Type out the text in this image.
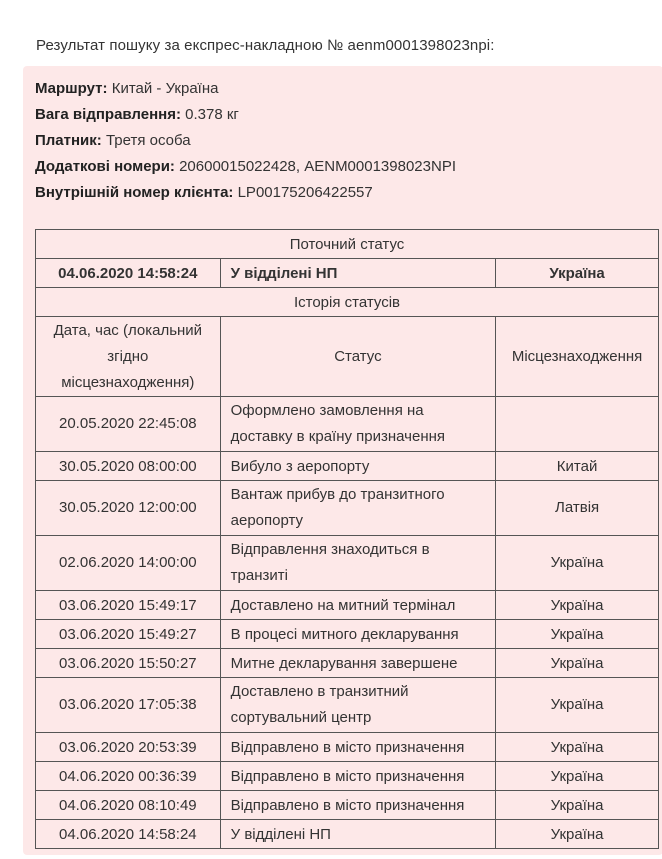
Результат пошуку за експрес-накладною № aenm0001398023npi:
Маршрут: Китай - Україна
Вага відправлення: 0.378 кг
Платник: Третя особа
Додаткові номери: 20600015022428, AENM0001398023NPI
Внутрішній номер клієнта: LP00175206422557
Поточний статус		
04.06.2020 14:58:24	У відділені НП	Україна
Історія статусів		
Дата, час (локальний згідно місцезнаходження)	Статус	Місцезнаходження
20.05.2020 22:45:08	Оформлено замовлення на доставку в країну призначення	
30.05.2020 08:00:00	Вибуло з аеропорту	Китай
30.05.2020 12:00:00	Вантаж прибув до транзитного аеропорту	Латвія
02.06.2020 14:00:00	Відправлення знаходиться в транзиті	Україна
03.06.2020 15:49:17	Доставлено на митний термінал	Україна
03.06.2020 15:49:27	В процесі митного декларування	Україна
03.06.2020 15:50:27	Митне декларування завершене	Україна
03.06.2020 17:05:38	Доставлено в транзитний сортувальний центр	Україна
03.06.2020 20:53:39	Відправлено в місто призначення	Україна
04.06.2020 00:36:39	Відправлено в місто призначення	Україна
04.06.2020 08:10:49	Відправлено в місто призначення	Україна
04.06.2020 14:58:24	У відділені НП	Україна
